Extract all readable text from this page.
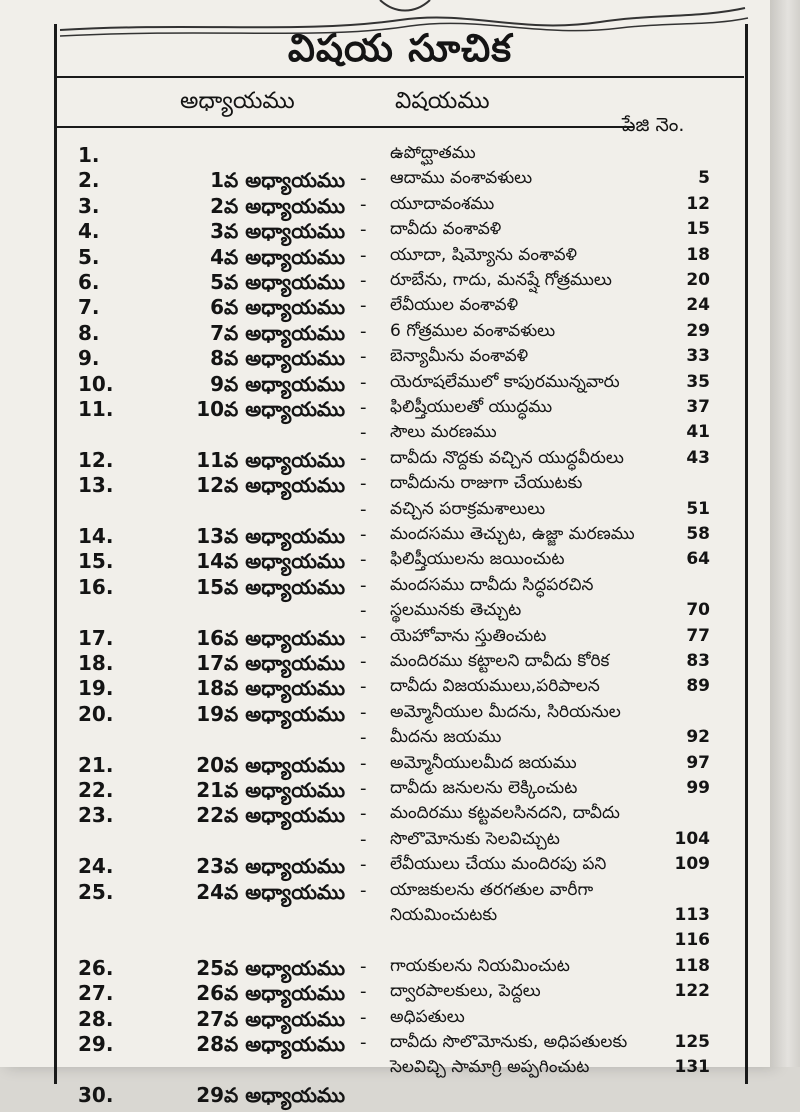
విషయ సూచిక
అధ్యాయము	విషయము
పేజి నెం.
1.	ఉపోద్ఘాతము
2.	1వ అధ్యాయము - ఆదాము వంశావళులు	5
3.	2వ అధ్యాయము - యూదావంశము	12
4.	3వ అధ్యాయము - దావీదు వంశావళి	15
5.	4వ అధ్యాయము - యూదా, షిమ్యోను వంశావళి	18
6.	5వ అధ్యాయము - రూబేను, గాదు, మనష్షే గోత్రములు	20
7.	6వ అధ్యాయము - లేవీయుల వంశావళి	24
8.	7వ అధ్యాయము - 6 గోత్రముల వంశావళులు	29
9.	8వ అధ్యాయము - బెన్యామీను వంశావళి	33
10.	9వ అధ్యాయము - యెరూషలేములో కాపురమున్నవారు	35
11.	10వ అధ్యాయము - ఫిలిష్తీయులతో యుద్ధము	37
- సౌలు మరణము	41
12.	11వ అధ్యాయము - దావీదు నొద్దకు వచ్చిన యుద్ధవీరులు	43
13.	12వ అధ్యాయము - దావీదును రాజుగా చేయుటకు
- వచ్చిన పరాక్రమశాలులు	51
14.	13వ అధ్యాయము - మందసము తెచ్చుట, ఉజ్జా మరణము	58
15.	14వ అధ్యాయము - ఫిలిష్తీయులను జయించుట	64
16.	15వ అధ్యాయము - మందసము దావీదు సిద్ధపరచిన
- స్థలమునకు తెచ్చుట	70
17.	16వ అధ్యాయము - యెహోవాను స్తుతించుట	77
18.	17వ అధ్యాయము - మందిరము కట్టాలని దావీదు కోరిక	83
19.	18వ అధ్యాయము - దావీదు విజయములు,పరిపాలన	89
20.	19వ అధ్యాయము - అమ్మోనీయుల మీదను, సిరియనుల
- మీదను జయము	92
21.	20వ అధ్యాయము - అమ్మోనీయులమీద జయము	97
22.	21వ అధ్యాయము - దావీదు జనులను లెక్కించుట	99
23.	22వ అధ్యాయము - మందిరము కట్టవలసినదని, దావీదు
- సొలొమోనుకు సెలవిచ్చుట	104
24.	23వ అధ్యాయము - లేవీయులు చేయు మందిరపు పని	109
25.	24వ అధ్యాయము - యాజకులను తరగతుల వారీగా
నియమించుటకు	113
116
26.	25వ అధ్యాయము - గాయకులను నియమించుట	118
27.	26వ అధ్యాయము - ద్వారపాలకులు, పెద్దలు	122
28.	27వ అధ్యాయము - అధిపతులు
29.	28వ అధ్యాయము - దావీదు సొలొమోనుకు, అధిపతులకు	125
సెలవిచ్చి సామాగ్రి అప్పగించుట	131
30.	29వ అధ్యాయము
